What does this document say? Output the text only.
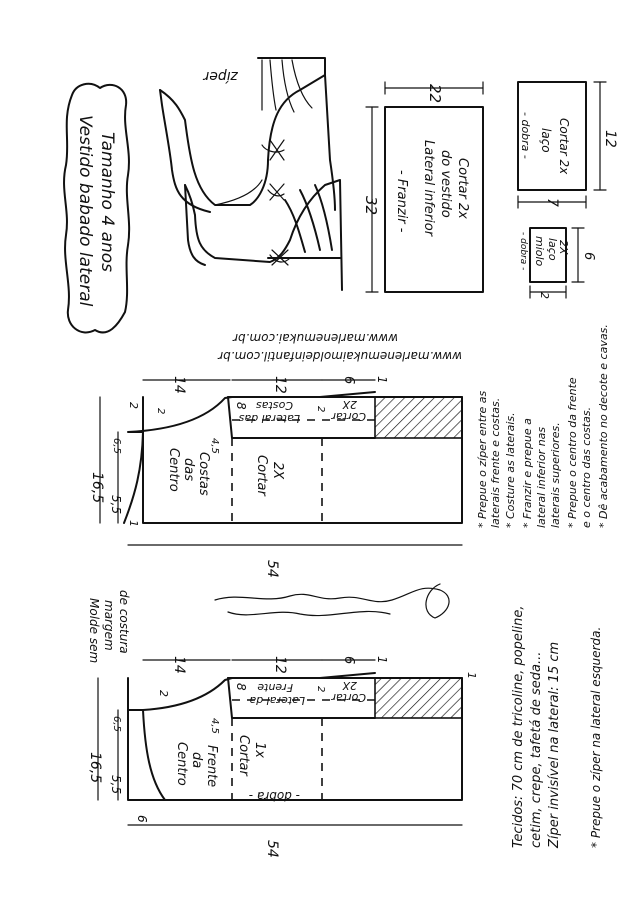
zíper
22
32 - Franzir - Lateral inferior do vestido Cortar 2x
- dobra - laço Cortar 2x 12
7
- dobra - miolo laço
2X
6
2
Vestido babado lateral Tamanho 4 anos
www.marlenemukai.com.br
www.marlenemukaimoldeinfantil.com.br
Centro das Costas	Cortar 2X
Lateral das
Costas
Cortar
2X
54
14	12	6 1
16,5
5,5
6,5
1
2
2
4,5
8	2
Molde sem margem de costura
Centro da Frente Cortar 1x
- dobra -
Lateral da
Frente
Cortar
2X
54
14	12	6 1
16,5
5,5
6,5
6
2
4,5
8	2
1	Tecidos: 70 cm de tricoline, popeline, cetim, crepe, tafetá de seda... Zíper invisível na lateral: 15 cm * Prepue o zíper na lateral esquerda.
* Prepue o zíper entre as laterais frente e costas. * Costure as laterais. * Franzir e prepue a lateral inferior nas laterais superiores. * Prepue o centro da frente e o centro das costas. * Dê acabamento no decote e cavas.
